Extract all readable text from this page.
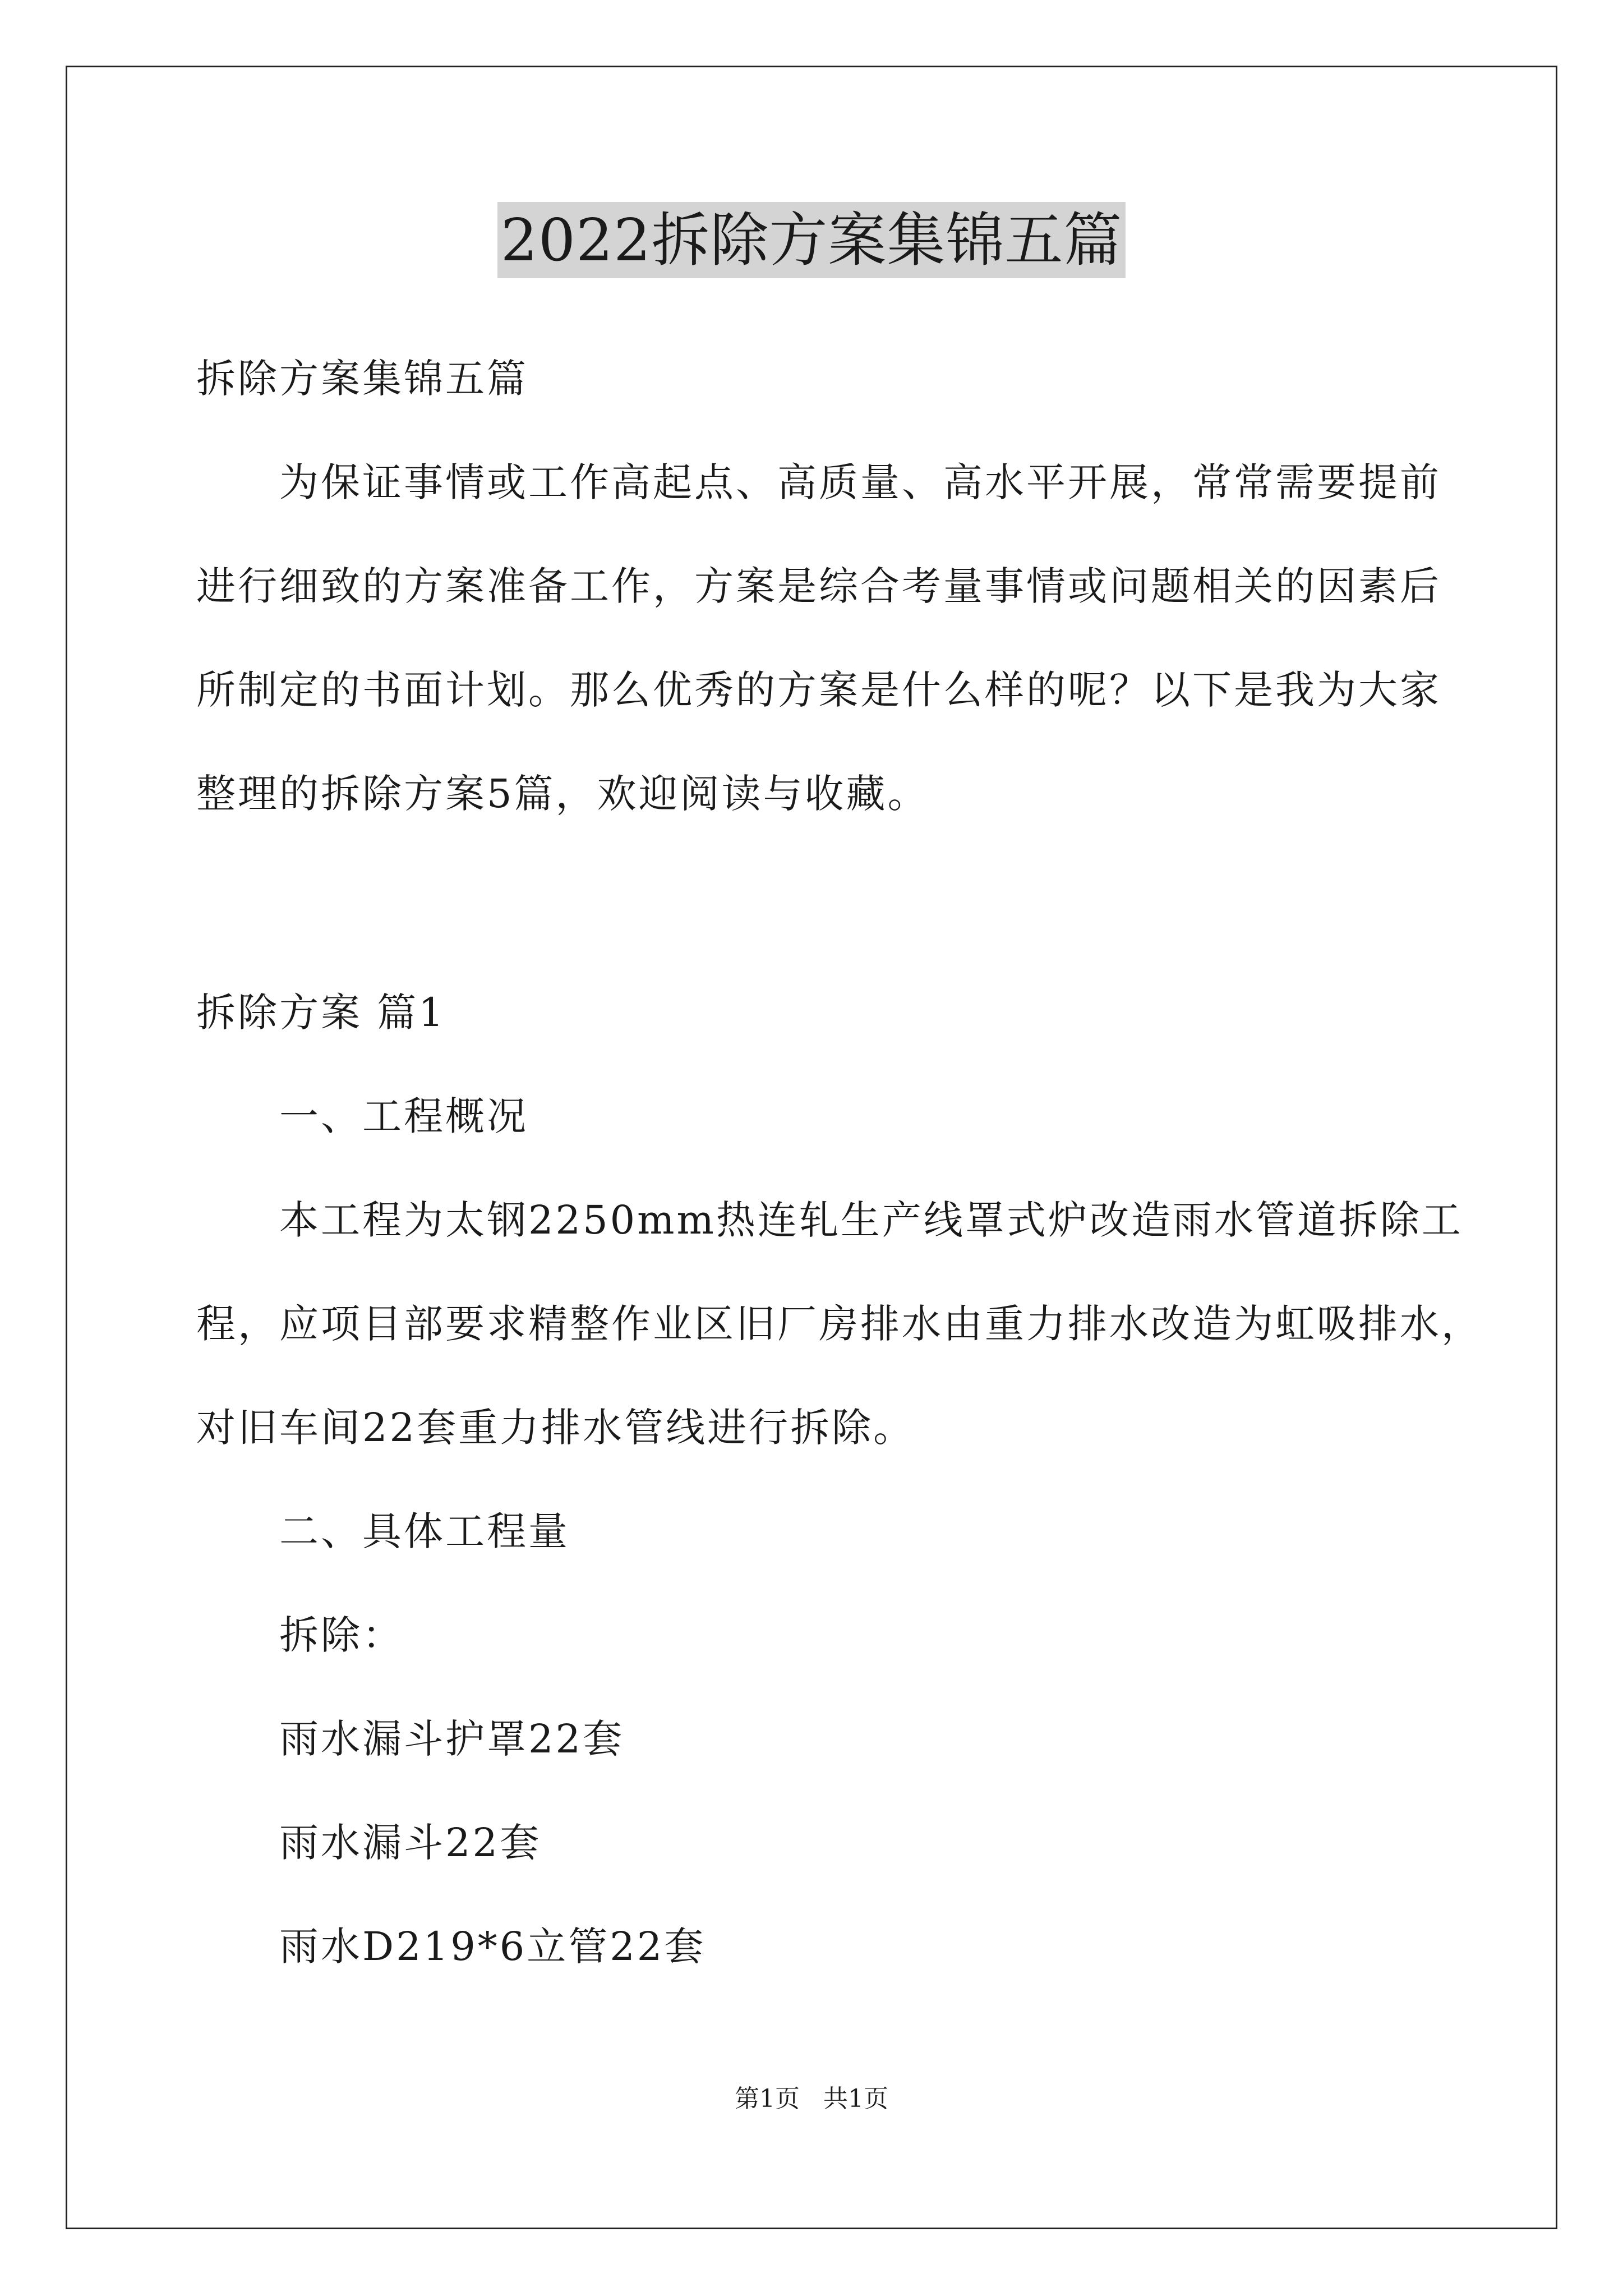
2022拆除方案集锦五篇
拆除方案集锦五篇
为保证事情或工作高起点、高质量、高水平开展，常常需要提前
进行细致的方案准备工作，方案是综合考量事情或问题相关的因素后
所制定的书面计划。那么优秀的方案是什么样的呢？以下是我为大家
整理的拆除方案5篇，欢迎阅读与收藏。
拆除方案 篇1
一、工程概况
本工程为太钢2250mm热连轧生产线罩式炉改造雨水管道拆除工
程，应项目部要求精整作业区旧厂房排水由重力排水改造为虹吸排水，
对旧车间22套重力排水管线进行拆除。
二、具体工程量
拆除：
雨水漏斗护罩22套
雨水漏斗22套
雨水D219*6立管22套
第1页   共1页
